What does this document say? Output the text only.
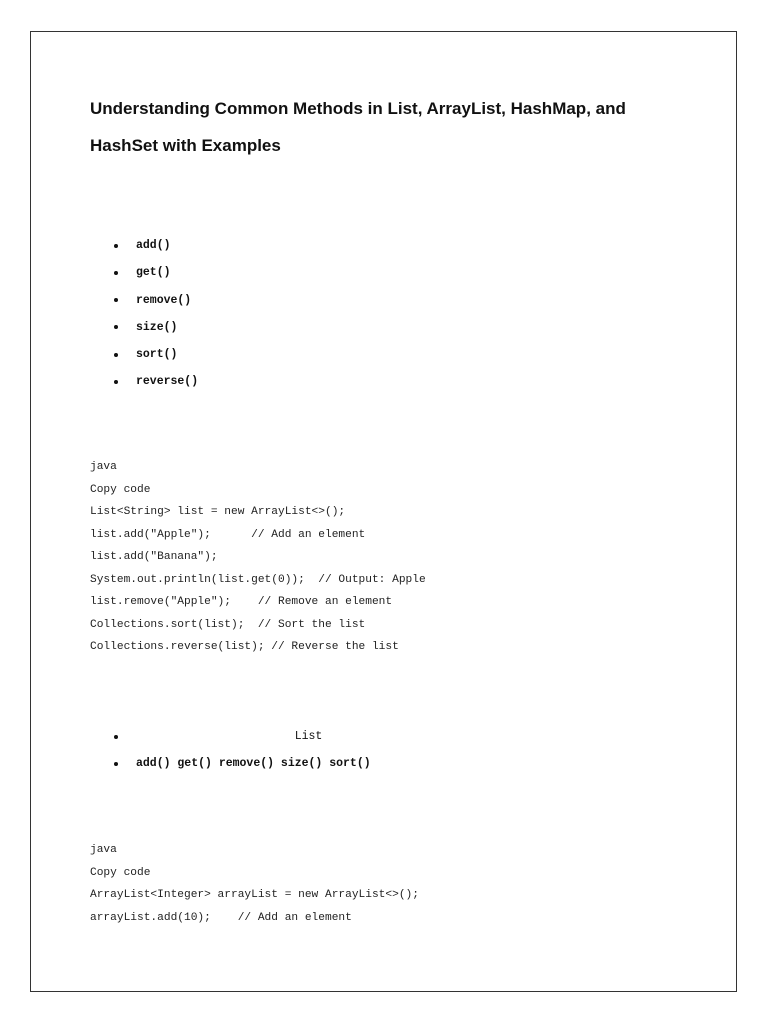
Understanding Common Methods in List, ArrayList, HashMap, and
HashSet with Examples
add()
get()
remove()
size()
sort()
reverse()
java
Copy code
List<String> list = new ArrayList<>();
list.add("Apple");      // Add an element
list.add("Banana");
System.out.println(list.get(0));  // Output: Apple
list.remove("Apple");    // Remove an element
Collections.sort(list);  // Sort the list
Collections.reverse(list); // Reverse the list
List
add() get() remove() size() sort()
java
Copy code
ArrayList<Integer> arrayList = new ArrayList<>();
arrayList.add(10);    // Add an element
